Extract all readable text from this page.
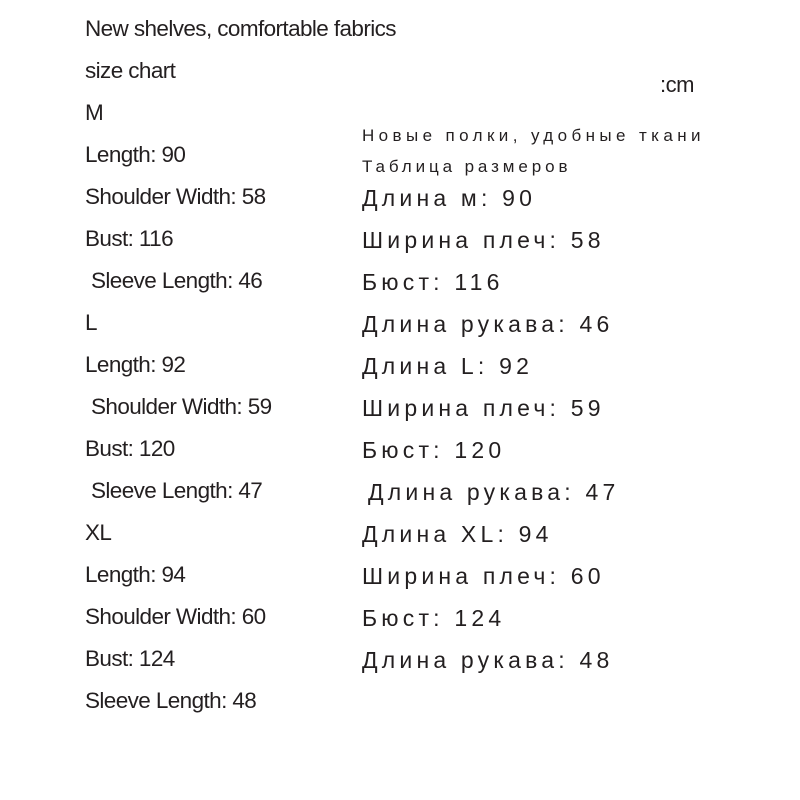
New shelves, comfortable fabrics
size chart
M
Length: 90
Shoulder Width: 58
Bust: 116
Sleeve Length: 46
L
Length: 92
Shoulder Width: 59
Bust: 120
Sleeve Length: 47
XL
Length: 94
Shoulder Width: 60
Bust: 124
Sleeve Length: 48
:cm
Новые полки, удобные ткани
Таблица размеров
Длина м: 90
Ширина плеч: 58
Бюст: 116
Длина рукава: 46
Длина L: 92
Ширина плеч: 59
Бюст: 120
Длина рукава: 47
Длина XL: 94
Ширина плеч: 60
Бюст: 124
Длина рукава: 48
